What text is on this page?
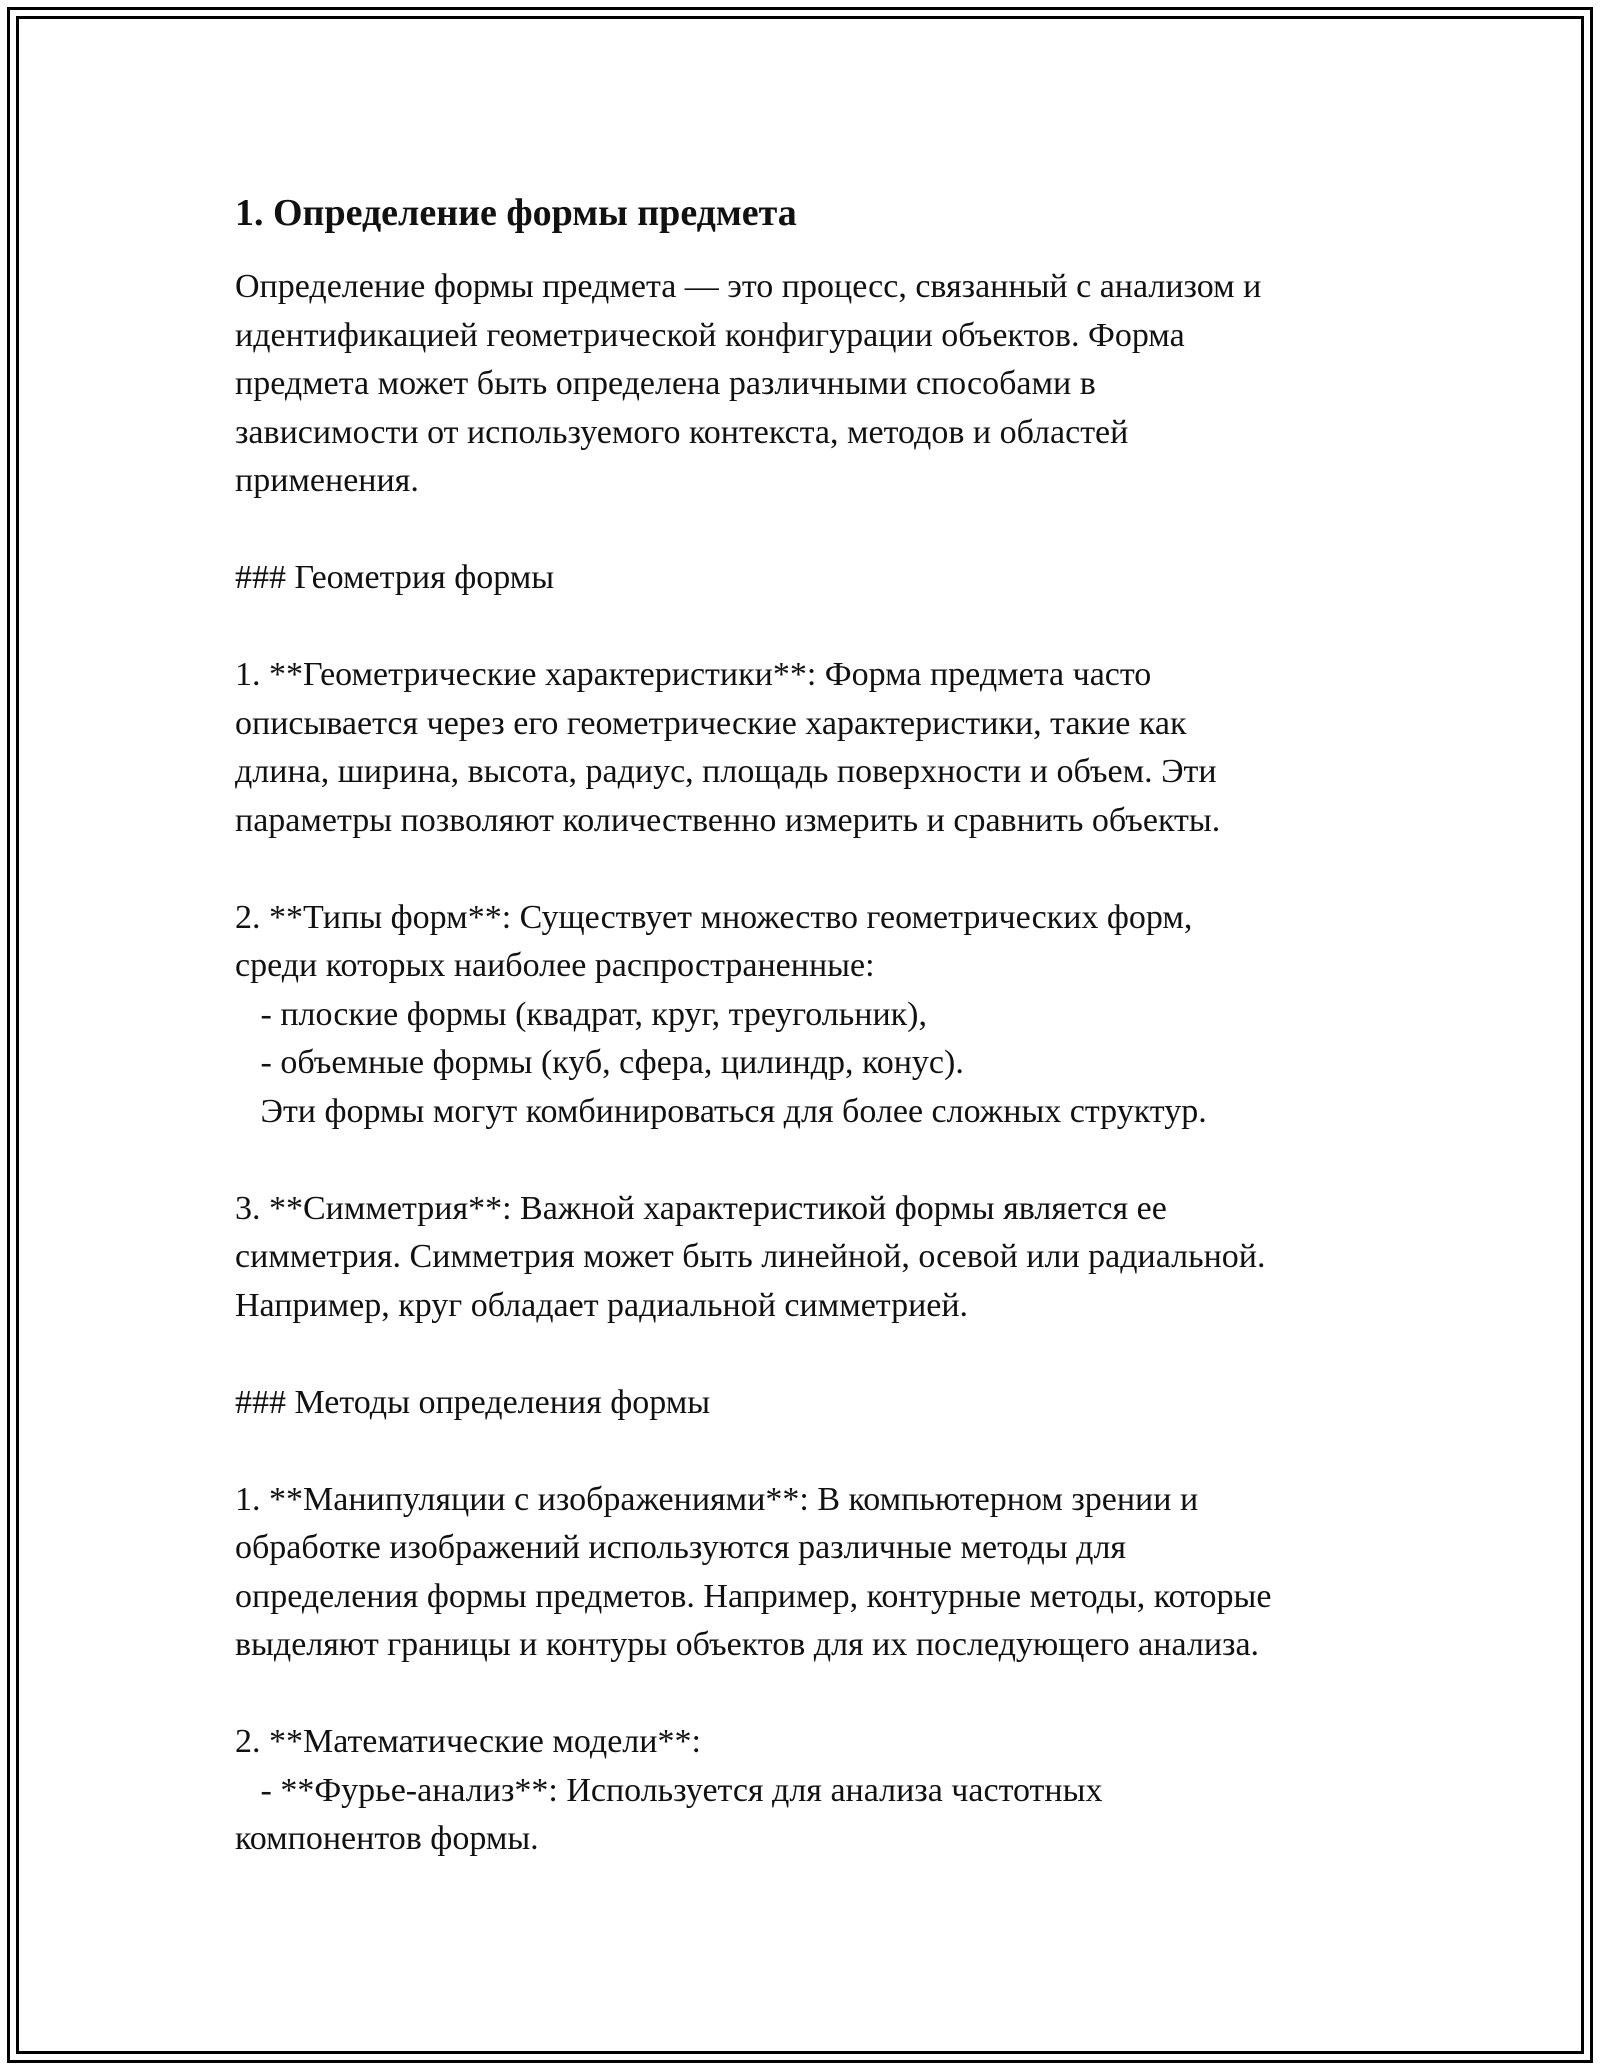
1. Определение формы предмета

Определение формы предмета — это процесс, связанный с анализом и
идентификацией геометрической конфигурации объектов. Форма
предмета может быть определена различными способами в
зависимости от используемого контекста, методов и областей
применения.

### Геометрия формы

1. **Геометрические характеристики**: Форма предмета часто
описывается через его геометрические характеристики, такие как
длина, ширина, высота, радиус, площадь поверхности и объем. Эти
параметры позволяют количественно измерить и сравнить объекты.

2. **Типы форм**: Существует множество геометрических форм,
среди которых наиболее распространенные:
- плоские формы (квадрат, круг, треугольник),
- объемные формы (куб, сфера, цилиндр, конус).
Эти формы могут комбинироваться для более сложных структур.

3. **Симметрия**: Важной характеристикой формы является ее
симметрия. Симметрия может быть линейной, осевой или радиальной.
Например, круг обладает радиальной симметрией.

### Методы определения формы

1. **Манипуляции с изображениями**: В компьютерном зрении и
обработке изображений используются различные методы для
определения формы предметов. Например, контурные методы, которые
выделяют границы и контуры объектов для их последующего анализа.

2. **Математические модели**:
- **Фурье-анализ**: Используется для анализа частотных
компонентов формы.
